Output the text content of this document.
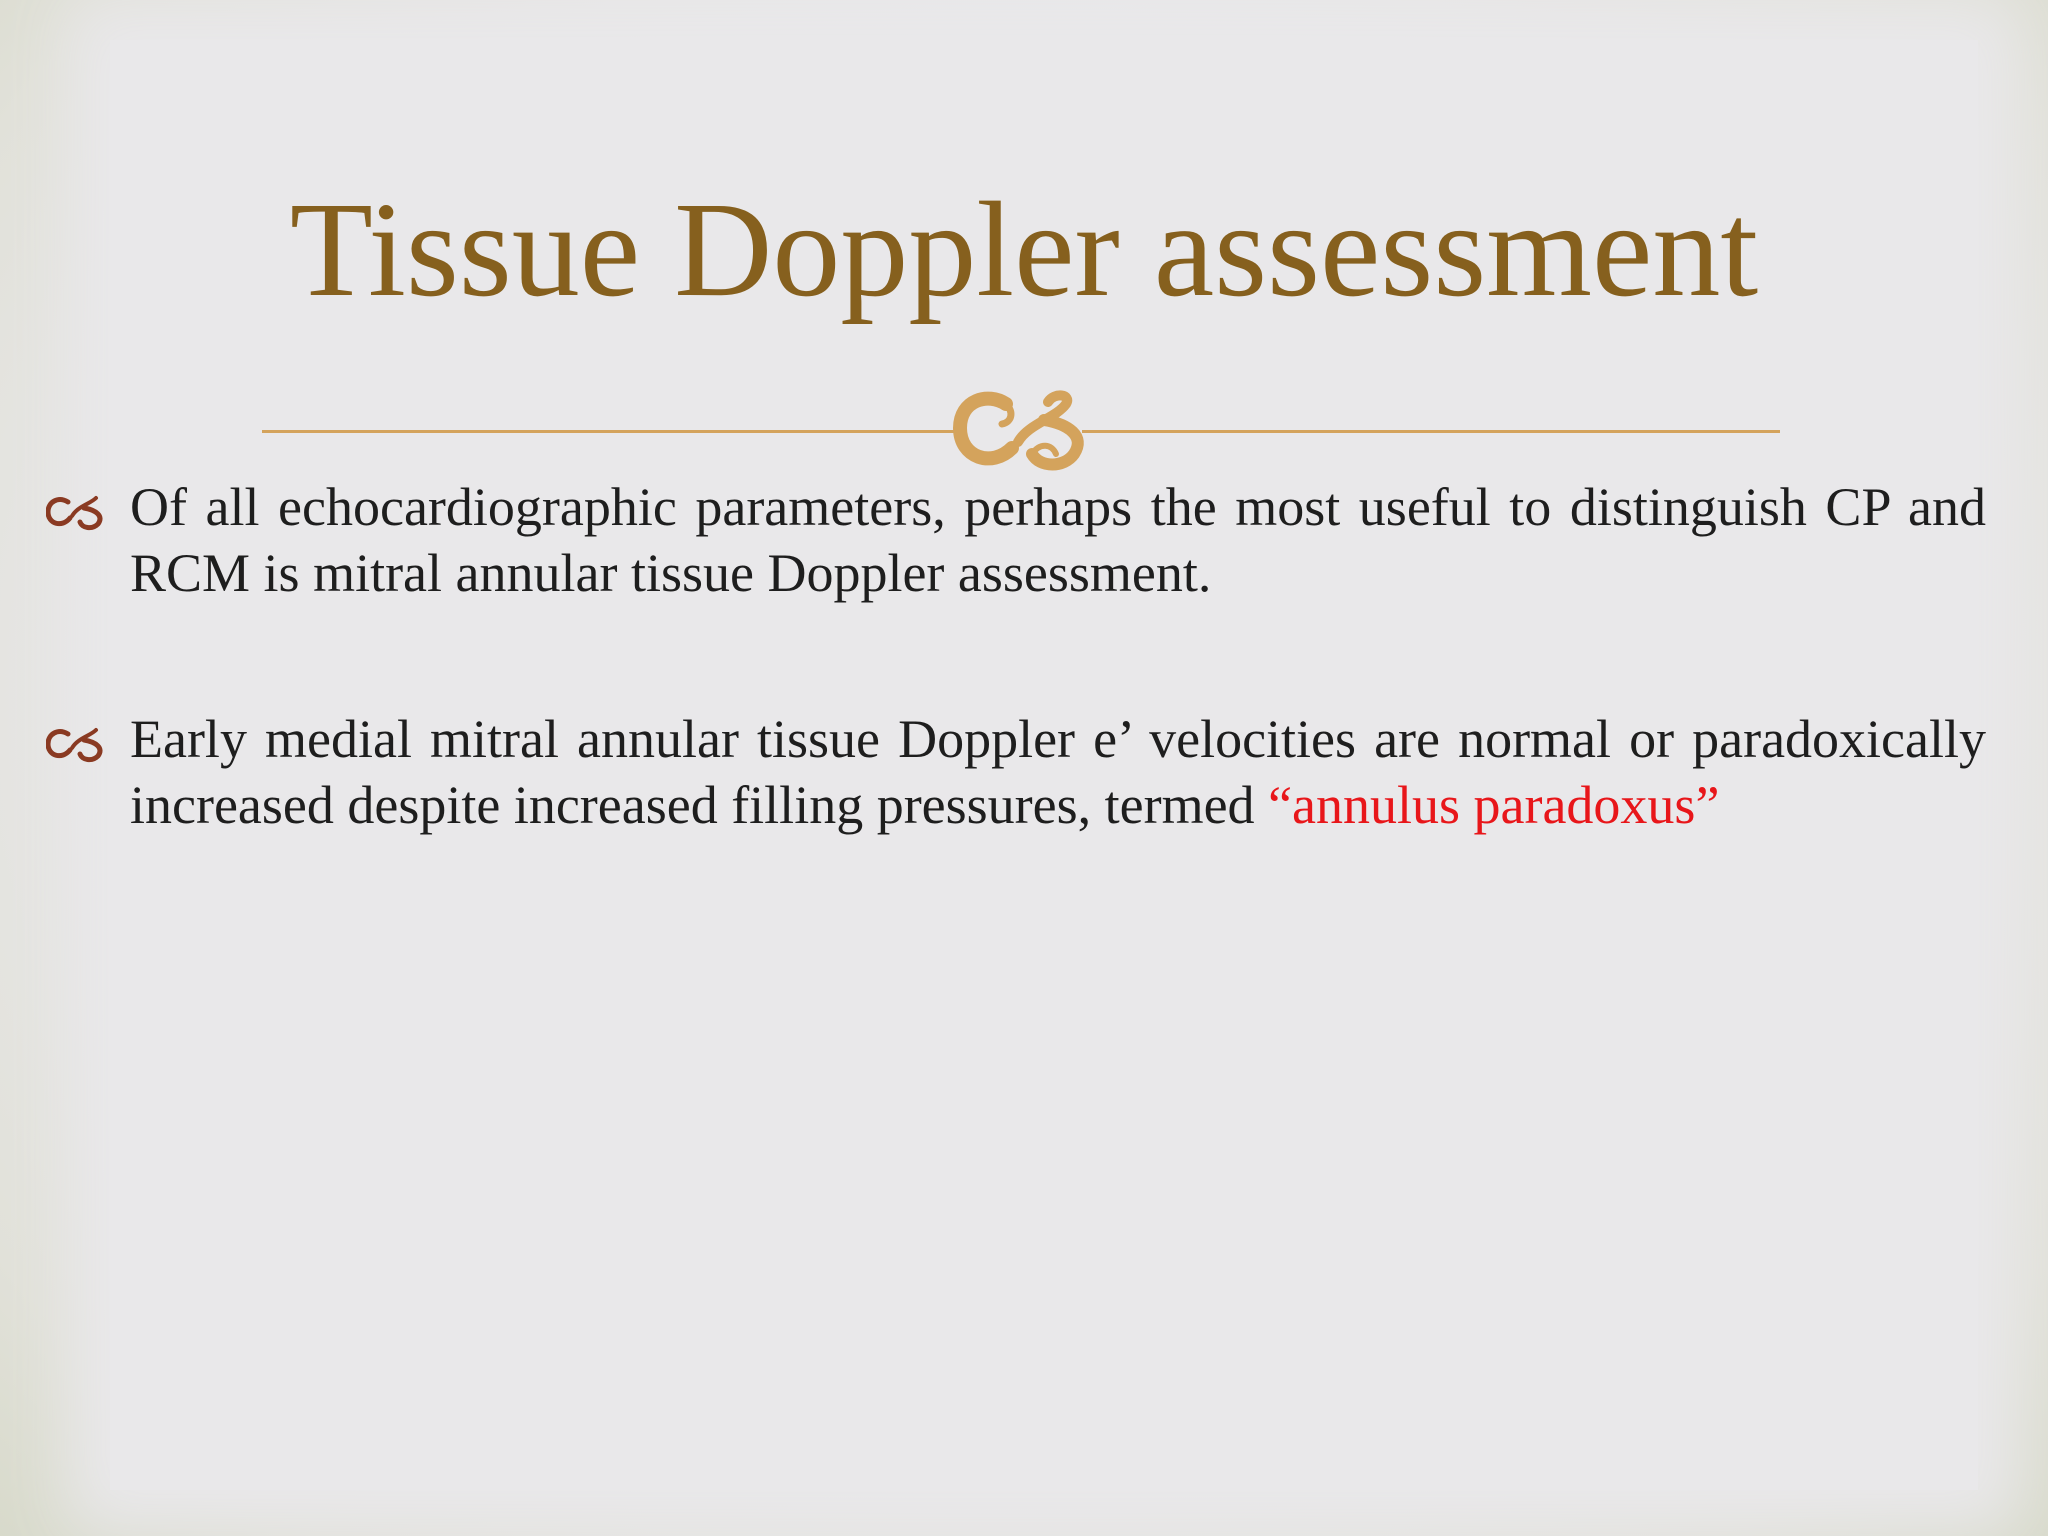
Tissue Doppler assessment

Of all echocardiographic parameters, perhaps the most useful to distinguish CP and RCM is mitral annular tissue Doppler assessment.

Early medial mitral annular tissue Doppler e’ velocities are normal or paradoxically increased despite increased filling pressures, termed “annulus paradoxus”
